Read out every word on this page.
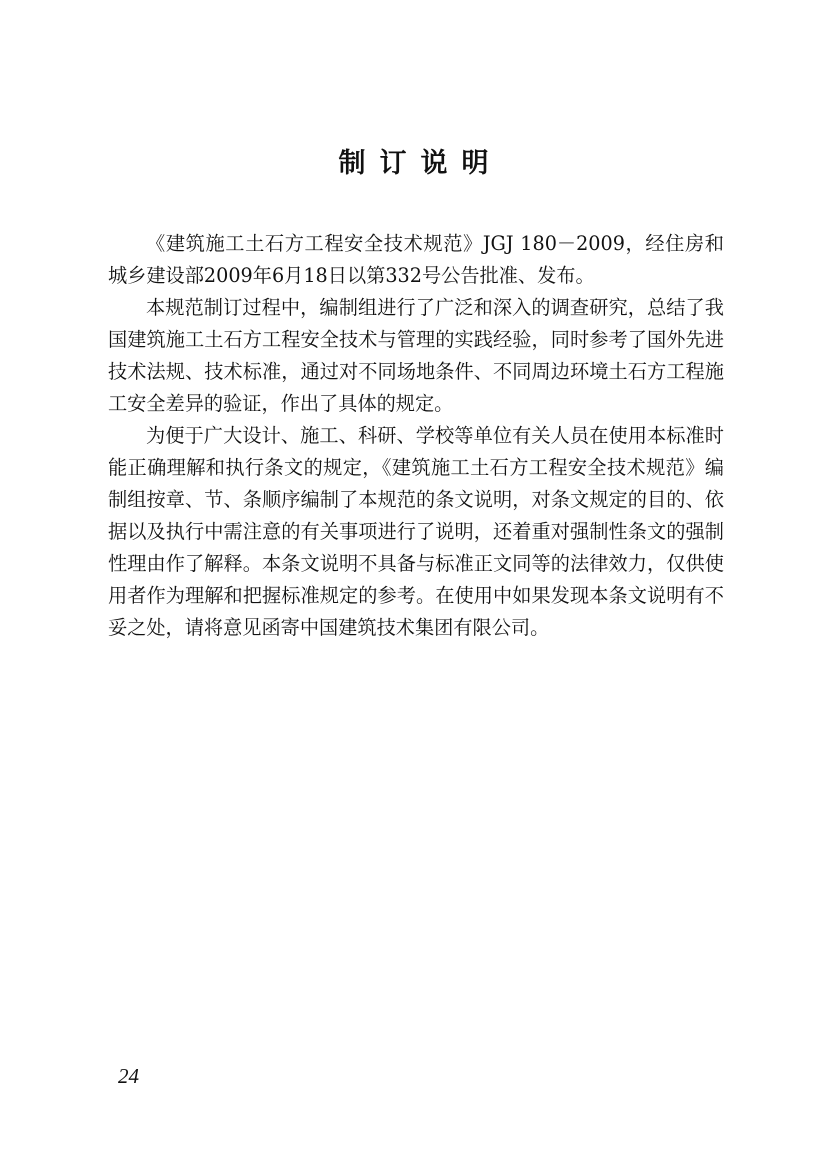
制订说明

《建筑施工土石方工程安全技术规范》JGJ 180－2009，经住房和城乡建设部2009年6月18日以第332号公告批准、发布。

本规范制订过程中，编制组进行了广泛和深入的调查研究，总结了我国建筑施工土石方工程安全技术与管理的实践经验，同时参考了国外先进技术法规、技术标准，通过对不同场地条件、不同周边环境土石方工程施工安全差异的验证，作出了具体的规定。

为便于广大设计、施工、科研、学校等单位有关人员在使用本标准时能正确理解和执行条文的规定，《建筑施工土石方工程安全技术规范》编制组按章、节、条顺序编制了本规范的条文说明，对条文规定的目的、依据以及执行中需注意的有关事项进行了说明，还着重对强制性条文的强制性理由作了解释。本条文说明不具备与标准正文同等的法律效力，仅供使用者作为理解和把握标准规定的参考。在使用中如果发现本条文说明有不妥之处，请将意见函寄中国建筑技术集团有限公司。

24
